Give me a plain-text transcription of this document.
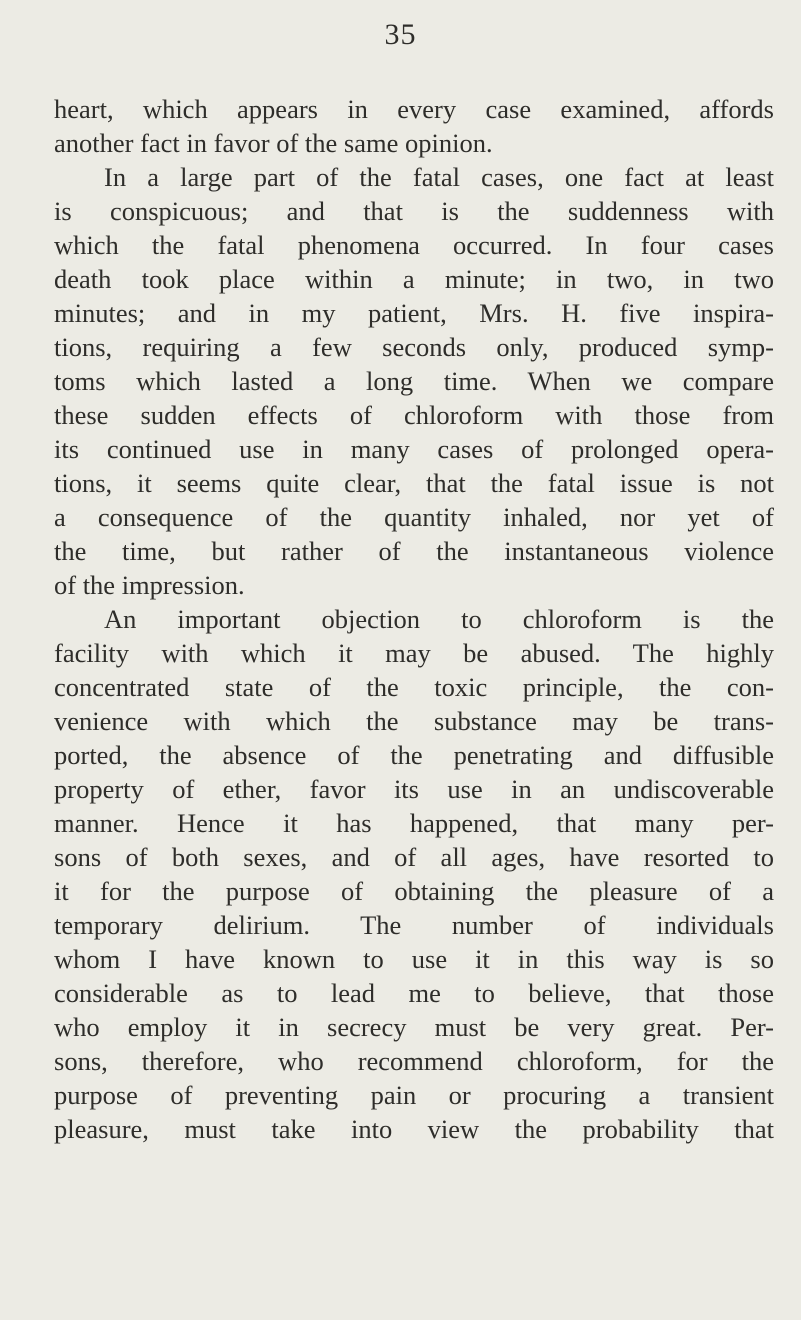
35
heart, which appears in every case examined, affords
another fact in favor of the same opinion.
In a large part of the fatal cases, one fact at least
is conspicuous; and that is the suddenness with
which the fatal phenomena occurred. In four cases
death took place within a minute; in two, in two
minutes; and in my patient, Mrs. H. five inspira-
tions, requiring a few seconds only, produced symp-
toms which lasted a long time. When we compare
these sudden effects of chloroform with those from
its continued use in many cases of prolonged opera-
tions, it seems quite clear, that the fatal issue is not
a consequence of the quantity inhaled, nor yet of
the time, but rather of the instantaneous violence
of the impression.
An important objection to chloroform is the
facility with which it may be abused. The highly
concentrated state of the toxic principle, the con-
venience with which the substance may be trans-
ported, the absence of the penetrating and diffusible
property of ether, favor its use in an undiscoverable
manner. Hence it has happened, that many per-
sons of both sexes, and of all ages, have resorted to
it for the purpose of obtaining the pleasure of a
temporary delirium. The number of individuals
whom I have known to use it in this way is so
considerable as to lead me to believe, that those
who employ it in secrecy must be very great. Per-
sons, therefore, who recommend chloroform, for the
purpose of preventing pain or procuring a transient
pleasure, must take into view the probability that
